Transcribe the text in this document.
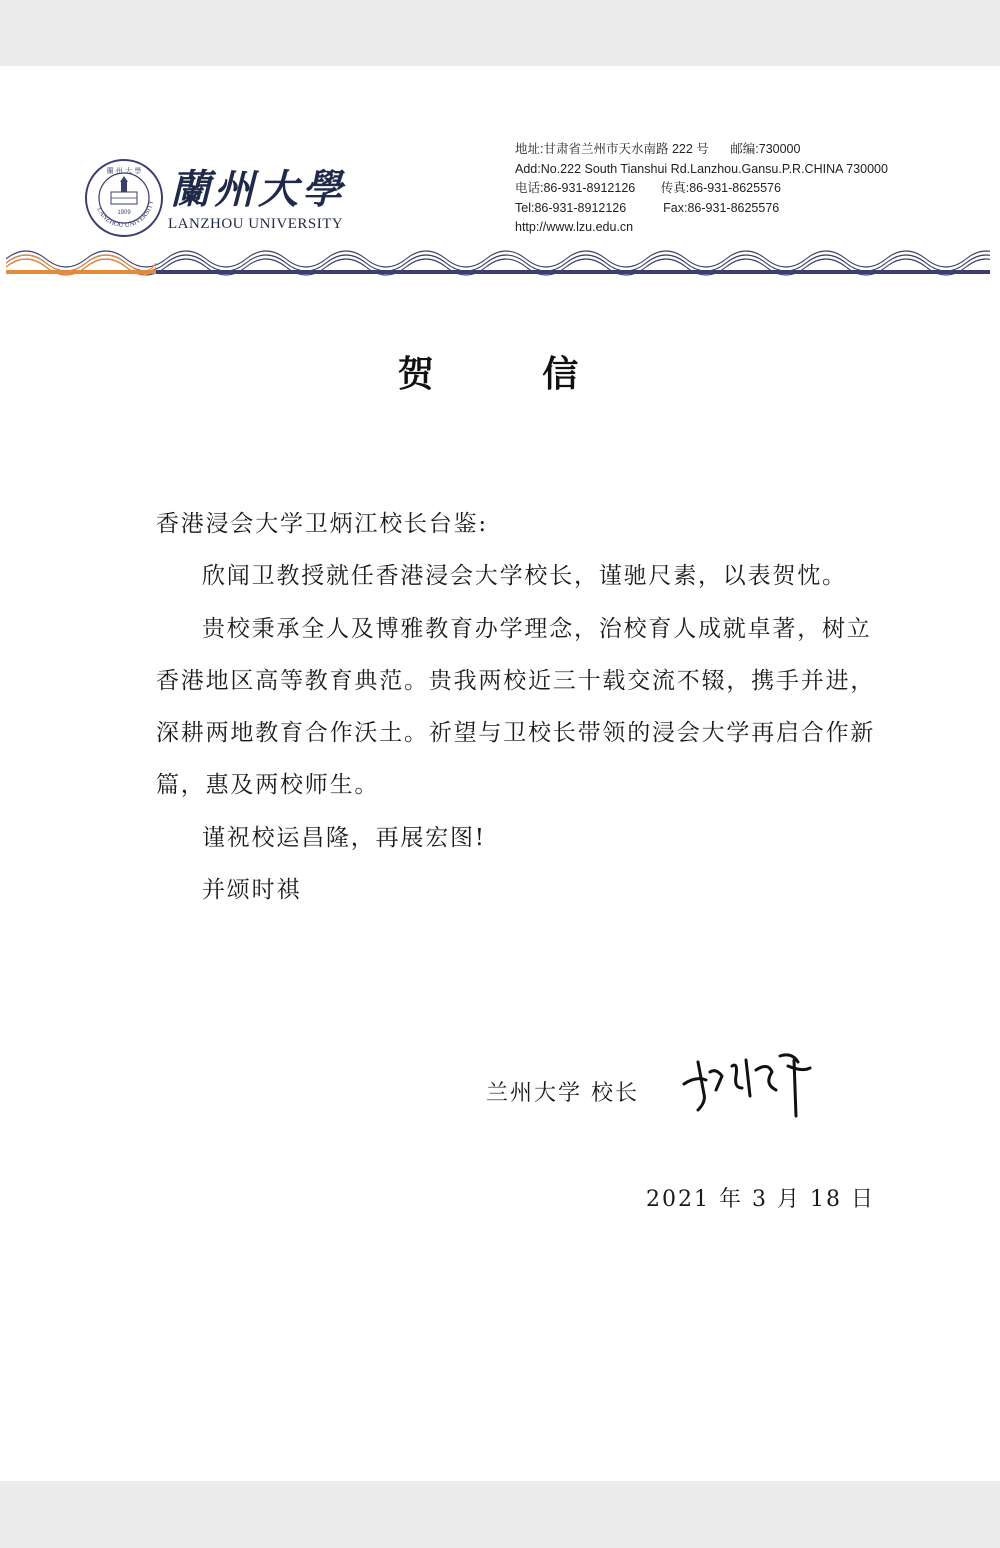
LANZHOU UNIVERSITY
蘭 州 大 學
1909 蘭州大學
LANZHOU UNIVERSITY
地址:甘肃省兰州市天水南路 222 号 邮编:730000
Add:No.222 South Tianshui Rd.Lanzhou.Gansu.P.R.CHINA 730000
电话:86-931-8912126 传真:86-931-8625576
Tel:86-931-8912126	Fax:86-931-8625576
http://www.lzu.edu.cn
贺 信

香港浸会大学卫炳江校长台鉴:

欣闻卫教授就任香港浸会大学校长，谨驰尺素，以表贺忱。

贵校秉承全人及博雅教育办学理念，治校育人成就卓著，树立香港地区高等教育典范。贵我两校近三十载交流不辍，携手并进，深耕两地教育合作沃土。祈望与卫校长带领的浸会大学再启合作新篇，惠及两校师生。

谨祝校运昌隆，再展宏图!

并颂时祺

兰州大学 校长
2021 年 3 月 18 日
